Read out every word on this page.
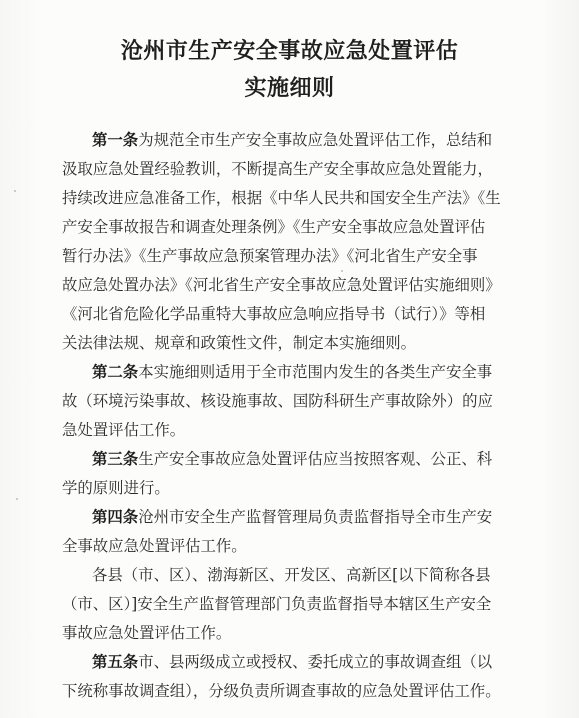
沧州市生产安全事故应急处置评估
实施细则
第一条为规范全市生产安全事故应急处置评估工作，总结和
汲取应急处置经验教训，不断提高生产安全事故应急处置能力，
持续改进应急准备工作，根据《中华人民共和国安全生产法》《生
产安全事故报告和调查处理条例》《生产安全事故应急处置评估
暂行办法》《生产事故应急预案管理办法》《河北省生产安全事
故应急处置办法》《河北省生产安全事故应急处置评估实施细则》
《河北省危险化学品重特大事故应急响应指导书（试行）》等相
关法律法规、规章和政策性文件，制定本实施细则。
第二条本实施细则适用于全市范围内发生的各类生产安全事
故（环境污染事故、核设施事故、国防科研生产事故除外）的应
急处置评估工作。
第三条生产安全事故应急处置评估应当按照客观、公正、科
学的原则进行。
第四条沧州市安全生产监督管理局负责监督指导全市生产安
全事故应急处置评估工作。
各县（市、区）、渤海新区、开发区、高新区[以下简称各县
（市、区）]安全生产监督管理部门负责监督指导本辖区生产安全
事故应急处置评估工作。
第五条市、县两级成立或授权、委托成立的事故调查组（以
下统称事故调查组），分级负责所调查事故的应急处置评估工作。
